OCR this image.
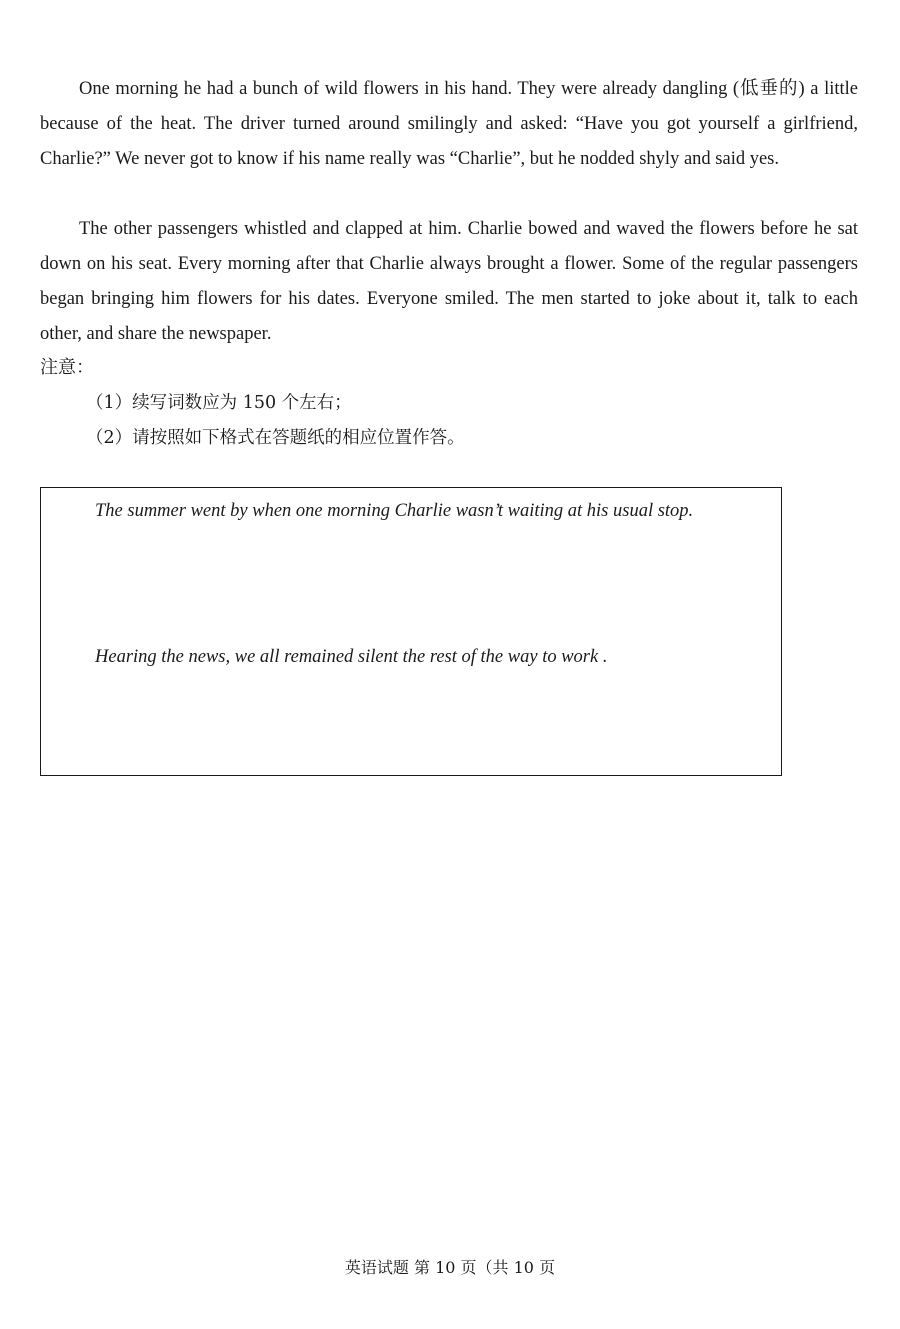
One morning he had a bunch of wild flowers in his hand. They were already dangling (低垂的) a little because of the heat. The driver turned around smilingly and asked: “Have you got yourself a girlfriend, Charlie?” We never got to know if his name really was “Charlie”, but he nodded shyly and said yes.

The other passengers whistled and clapped at him. Charlie bowed and waved the flowers before he sat down on his seat. Every morning after that Charlie always brought a flower. Some of the regular passengers began bringing him flowers for his dates. Everyone smiled. The men started to joke about it, talk to each other, and share the newspaper.

注意：
（1）续写词数应为 150 个左右；
（2）请按照如下格式在答题纸的相应位置作答。
The summer went by when one morning Charlie wasn’t waiting at his usual stop.
Hearing the news, we all remained silent the rest of the way to work .
英语试题 第 10 页（共 10 页
